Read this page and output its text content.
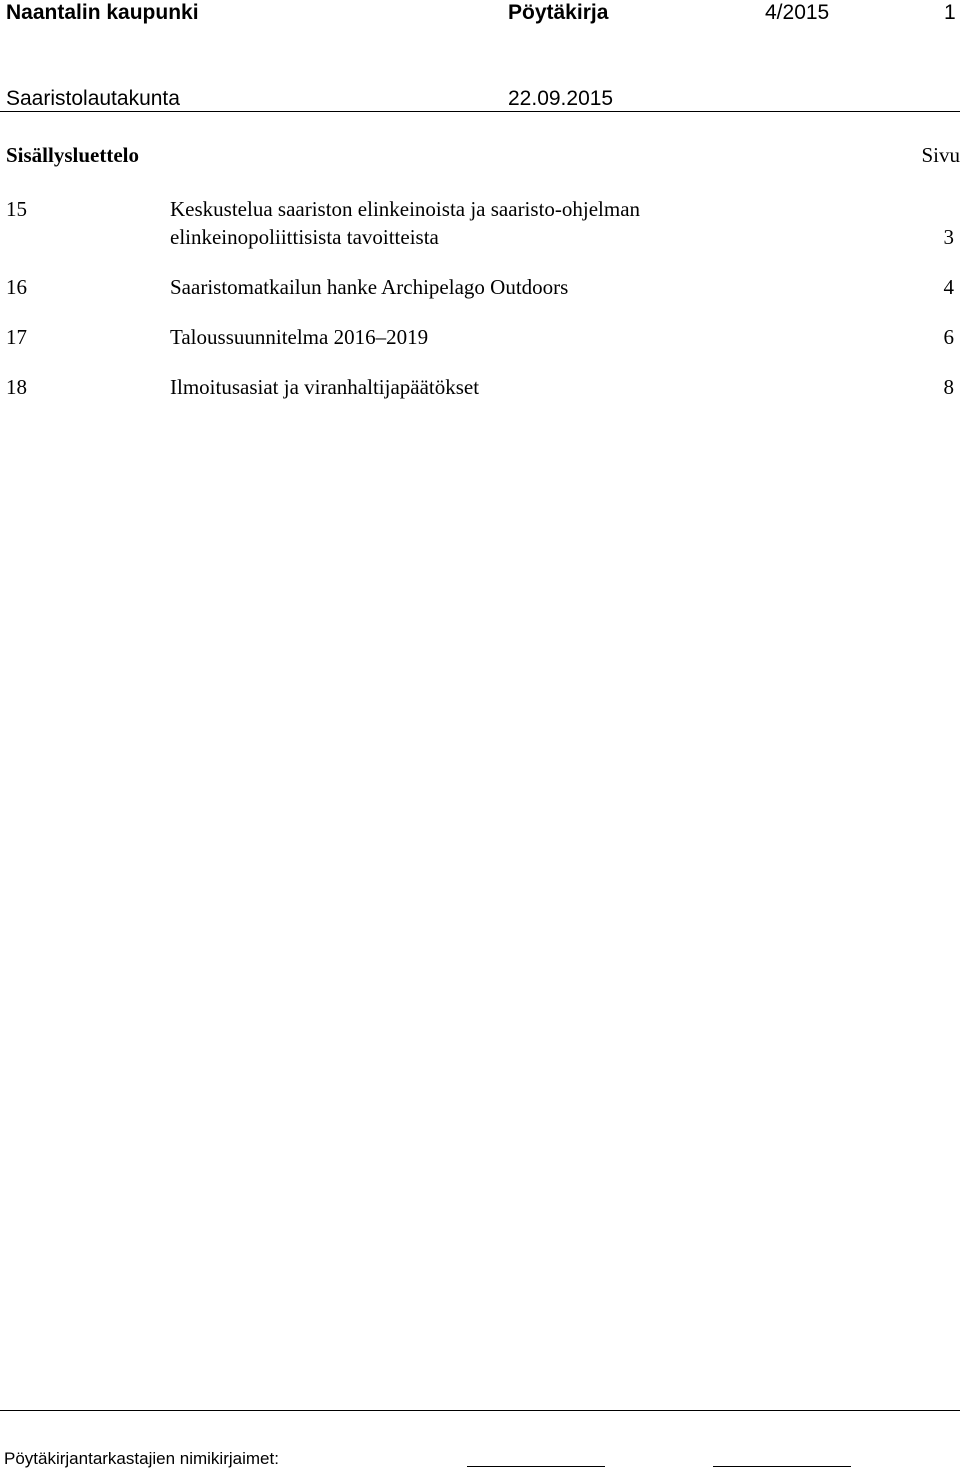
Naantalin kaupunki	Pöytäkirja	4/2015	1
Saaristolautakunta	22.09.2015
Sisällysluettelo	Sivu
15	Keskustelua saariston elinkeinoista ja saaristo-ohjelman
elinkeinopoliittisista tavoitteista	3
16	Saaristomatkailun hanke Archipelago Outdoors	4
17	Taloussuunnitelma 2016–2019	6
18	Ilmoitusasiat ja viranhaltijapäätökset	8
Pöytäkirjantarkastajien nimikirjaimet:
